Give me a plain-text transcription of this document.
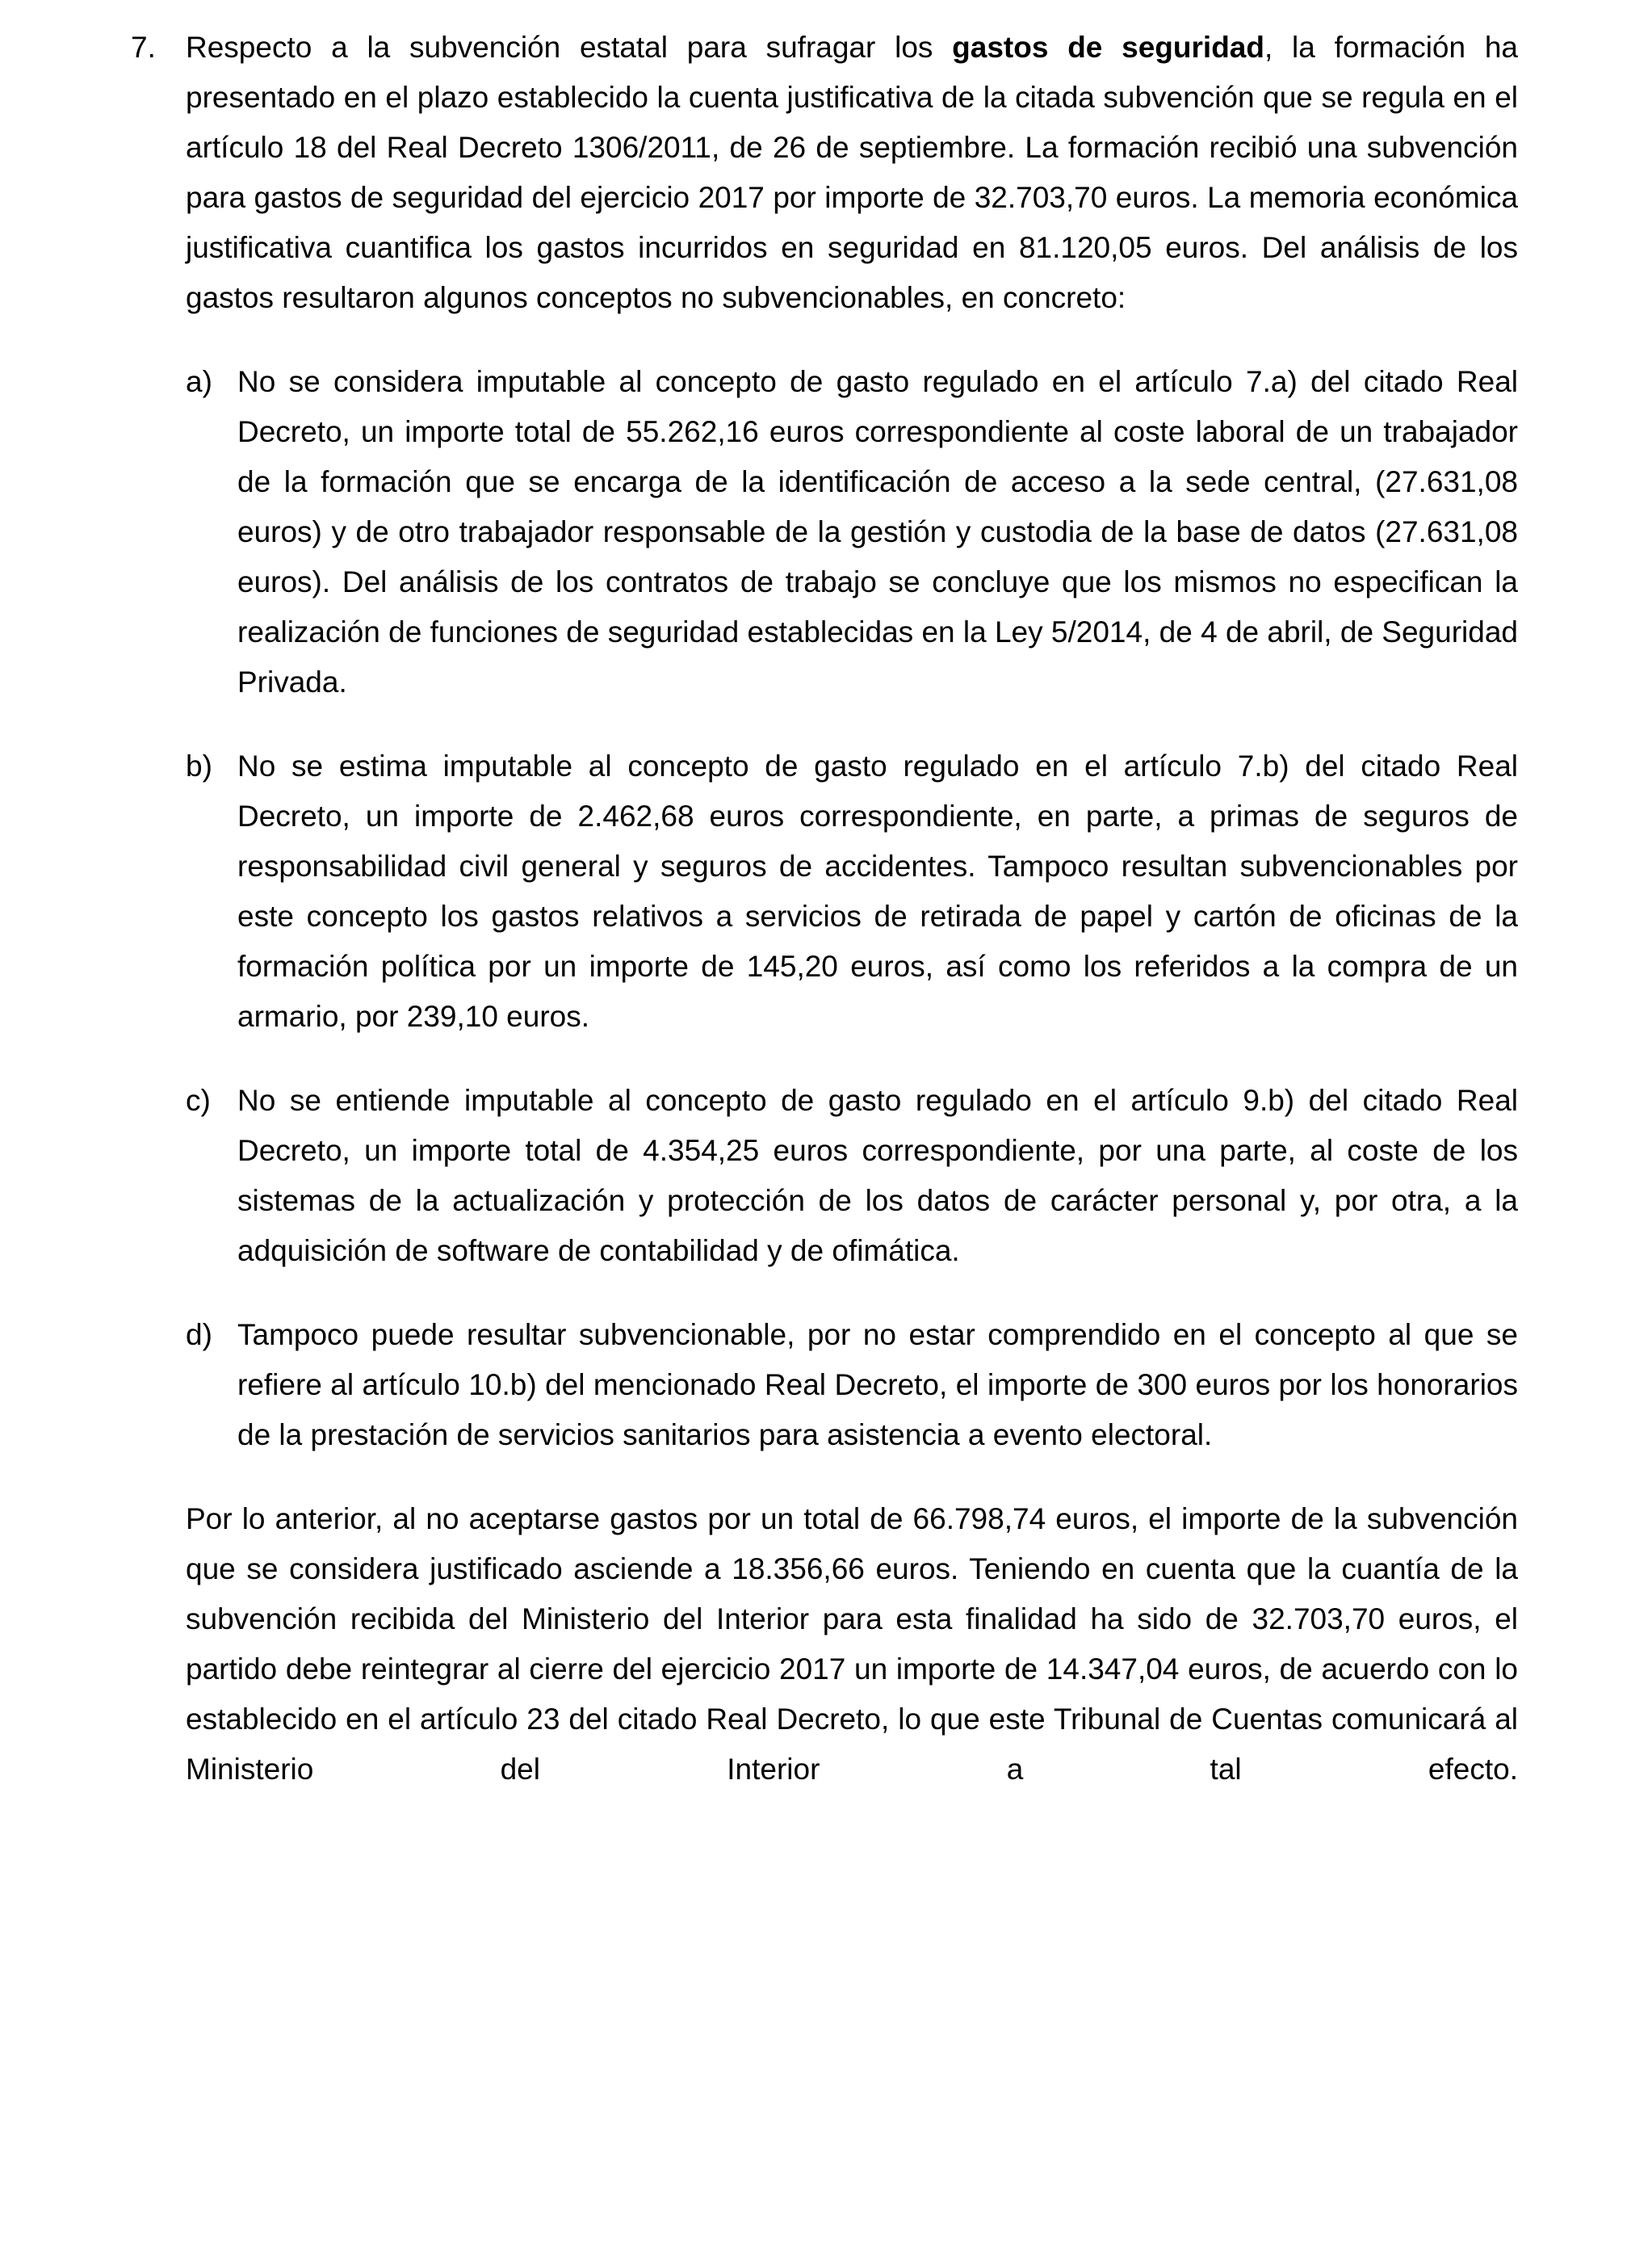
7. Respecto a la subvención estatal para sufragar los gastos de seguridad, la formación ha presentado en el plazo establecido la cuenta justificativa de la citada subvención que se regula en el artículo 18 del Real Decreto 1306/2011, de 26 de septiembre. La formación recibió una subvención para gastos de seguridad del ejercicio 2017 por importe de 32.703,70 euros. La memoria económica justificativa cuantifica los gastos incurridos en seguridad en 81.120,05 euros. Del análisis de los gastos resultaron algunos conceptos no subvencionables, en concreto:

a) No se considera imputable al concepto de gasto regulado en el artículo 7.a) del citado Real Decreto, un importe total de 55.262,16 euros correspondiente al coste laboral de un trabajador de la formación que se encarga de la identificación de acceso a la sede central, (27.631,08 euros) y de otro trabajador responsable de la gestión y custodia de la base de datos (27.631,08 euros). Del análisis de los contratos de trabajo se concluye que los mismos no especifican la realización de funciones de seguridad establecidas en la Ley 5/2014, de 4 de abril, de Seguridad Privada.
b) No se estima imputable al concepto de gasto regulado en el artículo 7.b) del citado Real Decreto, un importe de 2.462,68 euros correspondiente, en parte, a primas de seguros de responsabilidad civil general y seguros de accidentes. Tampoco resultan subvencionables por este concepto los gastos relativos a servicios de retirada de papel y cartón de oficinas de la formación política por un importe de 145,20 euros, así como los referidos a la compra de un armario, por 239,10 euros.
c) No se entiende imputable al concepto de gasto regulado en el artículo 9.b) del citado Real Decreto, un importe total de 4.354,25 euros correspondiente, por una parte, al coste de los sistemas de la actualización y protección de los datos de carácter personal y, por otra, a la adquisición de software de contabilidad y de ofimática.
d) Tampoco puede resultar subvencionable, por no estar comprendido en el concepto al que se refiere al artículo 10.b) del mencionado Real Decreto, el importe de 300 euros por los honorarios de la prestación de servicios sanitarios para asistencia a evento electoral.

Por lo anterior, al no aceptarse gastos por un total de 66.798,74 euros, el importe de la subvención que se considera justificado asciende a 18.356,66 euros. Teniendo en cuenta que la cuantía de la subvención recibida del Ministerio del Interior para esta finalidad ha sido de 32.703,70 euros, el partido debe reintegrar al cierre del ejercicio 2017 un importe de 14.347,04 euros, de acuerdo con lo establecido en el artículo 23 del citado Real Decreto, lo que este Tribunal de Cuentas comunicará al Ministerio del Interior a tal efecto.
